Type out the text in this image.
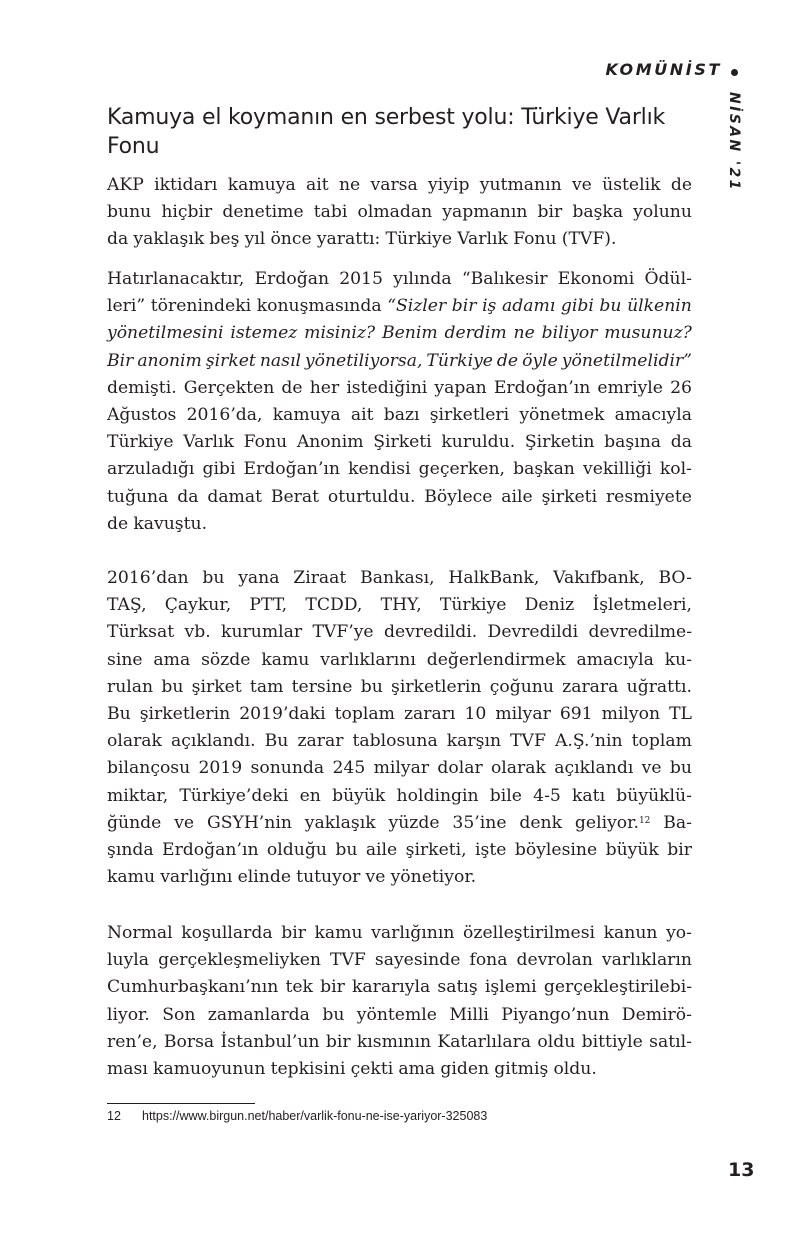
KOMÜNİST
NİSAN '21
Kamuya el koymanın en serbest yolu: Türkiye Varlık Fonu
AKP iktidarı kamuya ait ne varsa yiyip yutmanın ve üstelik de
bunu hiçbir denetime tabi olmadan yapmanın bir başka yolunu
da yaklaşık beş yıl önce yarattı: Türkiye Varlık Fonu (TVF).
Hatırlanacaktır, Erdoğan 2015 yılında “Balıkesir Ekonomi Ödül-
leri” törenindeki konuşmasında “Sizler bir iş adamı gibi bu ülkenin
yönetilmesini istemez misiniz? Benim derdim ne biliyor musunuz?
Bir anonim şirket nasıl yönetiliyorsa, Türkiye de öyle yönetilmelidir”
demişti. Gerçekten de her istediğini yapan Erdoğan’ın emriyle 26
Ağustos 2016’da, kamuya ait bazı şirketleri yönetmek amacıyla
Türkiye Varlık Fonu Anonim Şirketi kuruldu. Şirketin başına da
arzuladığı gibi Erdoğan’ın kendisi geçerken, başkan vekilliği kol-
tuğuna da damat Berat oturtuldu. Böylece aile şirketi resmiyete
de kavuştu.
2016’dan bu yana Ziraat Bankası, HalkBank, Vakıfbank, BO-
TAŞ, Çaykur, PTT, TCDD, THY, Türkiye Deniz İşletmeleri,
Türksat vb. kurumlar TVF’ye devredildi. Devredildi devredilme-
sine ama sözde kamu varlıklarını değerlendirmek amacıyla ku-
rulan bu şirket tam tersine bu şirketlerin çoğunu zarara uğrattı.
Bu şirketlerin 2019’daki toplam zararı 10 milyar 691 milyon TL
olarak açıklandı. Bu zarar tablosuna karşın TVF A.Ş.’nin toplam
bilançosu 2019 sonunda 245 milyar dolar olarak açıklandı ve bu
miktar, Türkiye’deki en büyük holdingin bile 4-5 katı büyüklü-
ğünde ve GSYH’nin yaklaşık yüzde 35’ine denk geliyor.$^{12}$ Ba-
şında Erdoğan’ın olduğu bu aile şirketi, işte böylesine büyük bir
kamu varlığını elinde tutuyor ve yönetiyor.
Normal koşullarda bir kamu varlığının özelleştirilmesi kanun yo-
luyla gerçekleşmeliyken TVF sayesinde fona devrolan varlıkların
Cumhurbaşkanı’nın tek bir kararıyla satış işlemi gerçekleştirilebi-
liyor. Son zamanlarda bu yöntemle Milli Piyango’nun Demirö-
ren’e, Borsa İstanbul’un bir kısmının Katarlılara oldu bittiyle satıl-
ması kamuoyunun tepkisini çekti ama giden gitmiş oldu.
12 https://www.birgun.net/haber/varlik-fonu-ne-ise-yariyor-325083
13
